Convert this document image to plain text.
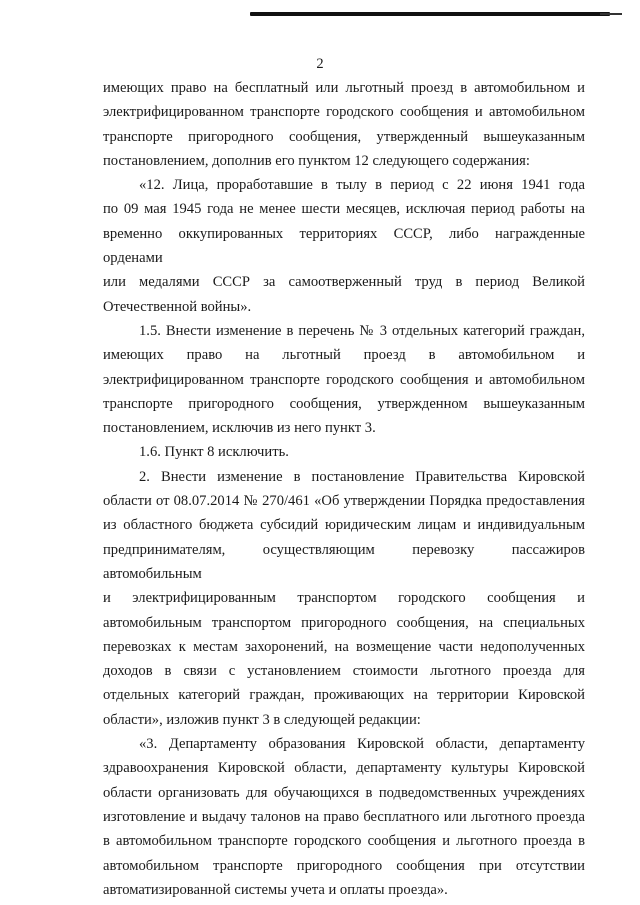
2

имеющих право на бесплатный или льготный проезд в автомобильном и

электрифицированном транспорте городского сообщения и автомобильном

транспорте пригородного сообщения, утвержденный вышеуказанным

постановлением, дополнив его пунктом 12 следующего содержания:

«12. Лица, проработавшие в тылу в период с 22 июня 1941 года

по 09 мая 1945 года не менее шести месяцев, исключая период работы на

временно оккупированных территориях СССР, либо награжденные орденами

или медалями СССР за самоотверженный труд в период Великой

Отечественной войны».

1.5. Внести изменение в перечень № 3 отдельных категорий граждан,

имеющих право на льготный проезд в автомобильном и

электрифицированном транспорте городского сообщения и автомобильном

транспорте пригородного сообщения, утвержденном вышеуказанным

постановлением, исключив из него пункт 3.

1.6. Пункт 8 исключить.

2. Внести изменение в постановление Правительства Кировской

области от 08.07.2014 № 270/461 «Об утверждении Порядка предоставления

из областного бюджета субсидий юридическим лицам и индивидуальным

предпринимателям, осуществляющим перевозку пассажиров автомобильным

и электрифицированным транспортом городского сообщения и

автомобильным транспортом пригородного сообщения, на специальных

перевозках к местам захоронений, на возмещение части недополученных

доходов в связи с установлением стоимости льготного проезда для

отдельных категорий граждан, проживающих на территории Кировской

области», изложив пункт 3 в следующей редакции:

«3. Департаменту образования Кировской области, департаменту

здравоохранения Кировской области, департаменту культуры Кировской

области организовать для обучающихся в подведомственных учреждениях

изготовление и выдачу талонов на право бесплатного или льготного проезда

в автомобильном транспорте городского сообщения и льготного проезда в

автомобильном транспорте пригородного сообщения при отсутствии

автоматизированной системы учета и оплаты проезда».
